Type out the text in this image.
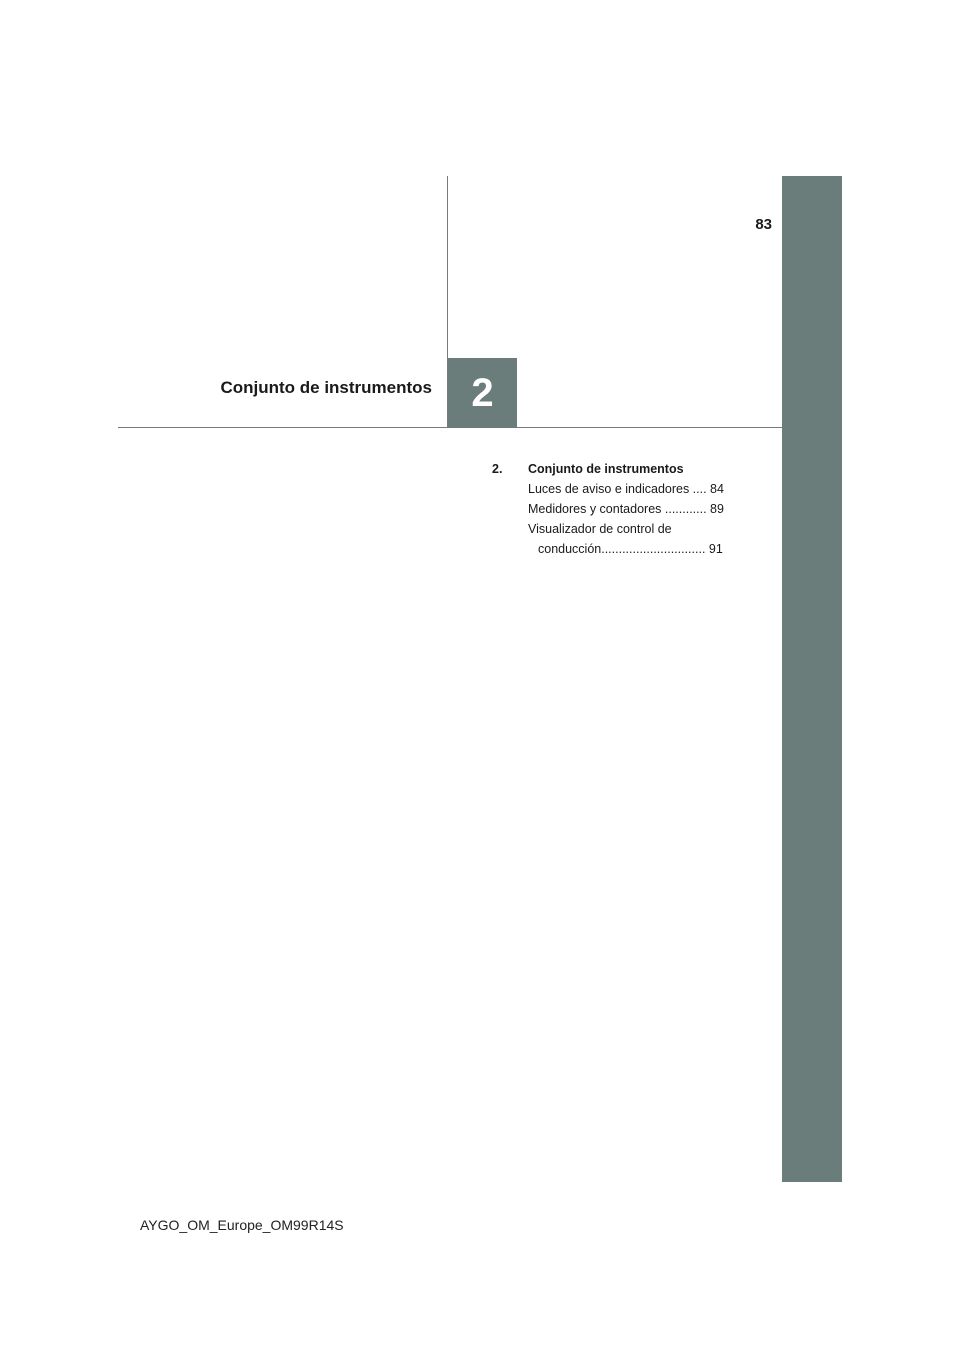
83
2
Conjunto de instrumentos
2.	Conjunto de instrumentos
Luces de aviso e indicadores .... 84
Medidores y contadores ............ 89
Visualizador de control de
conducción.............................. 91
AYGO_OM_Europe_OM99R14S
